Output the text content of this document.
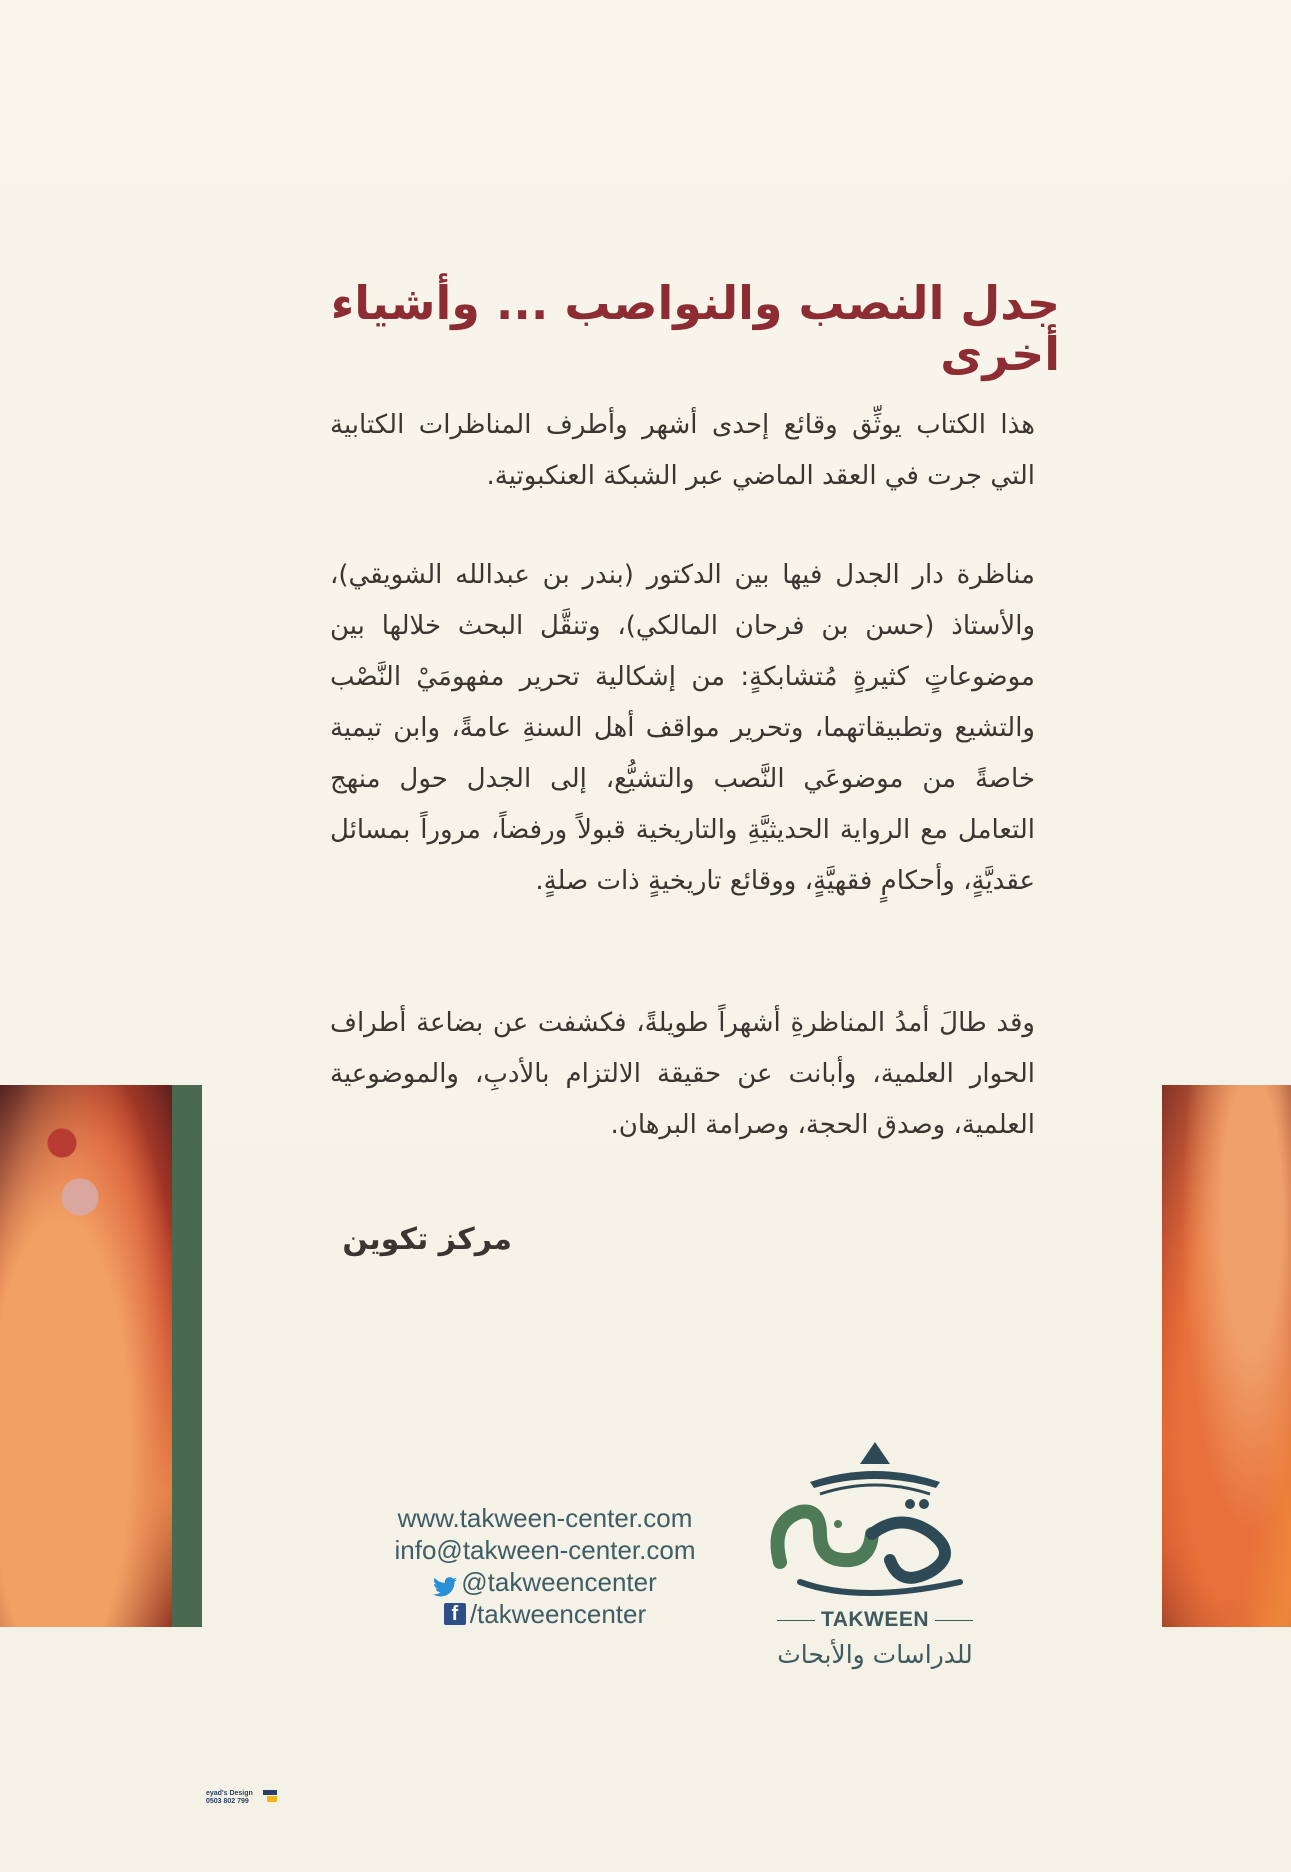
جدل النصب والنواصب ... وأشياء أخرى
هذا الكتاب يوثِّق وقائع إحدى أشهر وأطرف المناظرات الكتابية التي جرت في العقد الماضي عبر الشبكة العنكبوتية.
مناظرة دار الجدل فيها بين الدكتور (بندر بن عبدالله الشويقي)، والأستاذ (حسن بن فرحان المالكي)، وتنقَّل البحث خلالها بين موضوعاتٍ كثيرةٍ مُتشابكةٍ: من إشكالية تحرير مفهومَيْ النَّصْب والتشيع وتطبيقاتهما، وتحرير مواقف أهل السنةِ عامةً، وابن تيمية خاصةً من موضوعَي النَّصب والتشيُّع، إلى الجدل حول منهج التعامل مع الرواية الحديثيَّةِ والتاريخية قبولاً ورفضاً، مروراً بمسائل عقديَّةٍ، وأحكامٍ فقهيَّةٍ، ووقائع تاريخيةٍ ذات صلةٍ.
وقد طالَ أمدُ المناظرةِ أشهراً طويلةً، فكشفت عن بضاعة أطراف الحوار العلمية، وأبانت عن حقيقة الالتزام بالأدبِ، والموضوعية العلمية، وصدق الحجة، وصرامة البرهان.
مركز تكوين
www.takween-center.com
info@takween-center.com
@takweencenter
f /takweencenter	TAKWEEN
للدراسات والأبحاث
eyad's Design
0503 802 799
